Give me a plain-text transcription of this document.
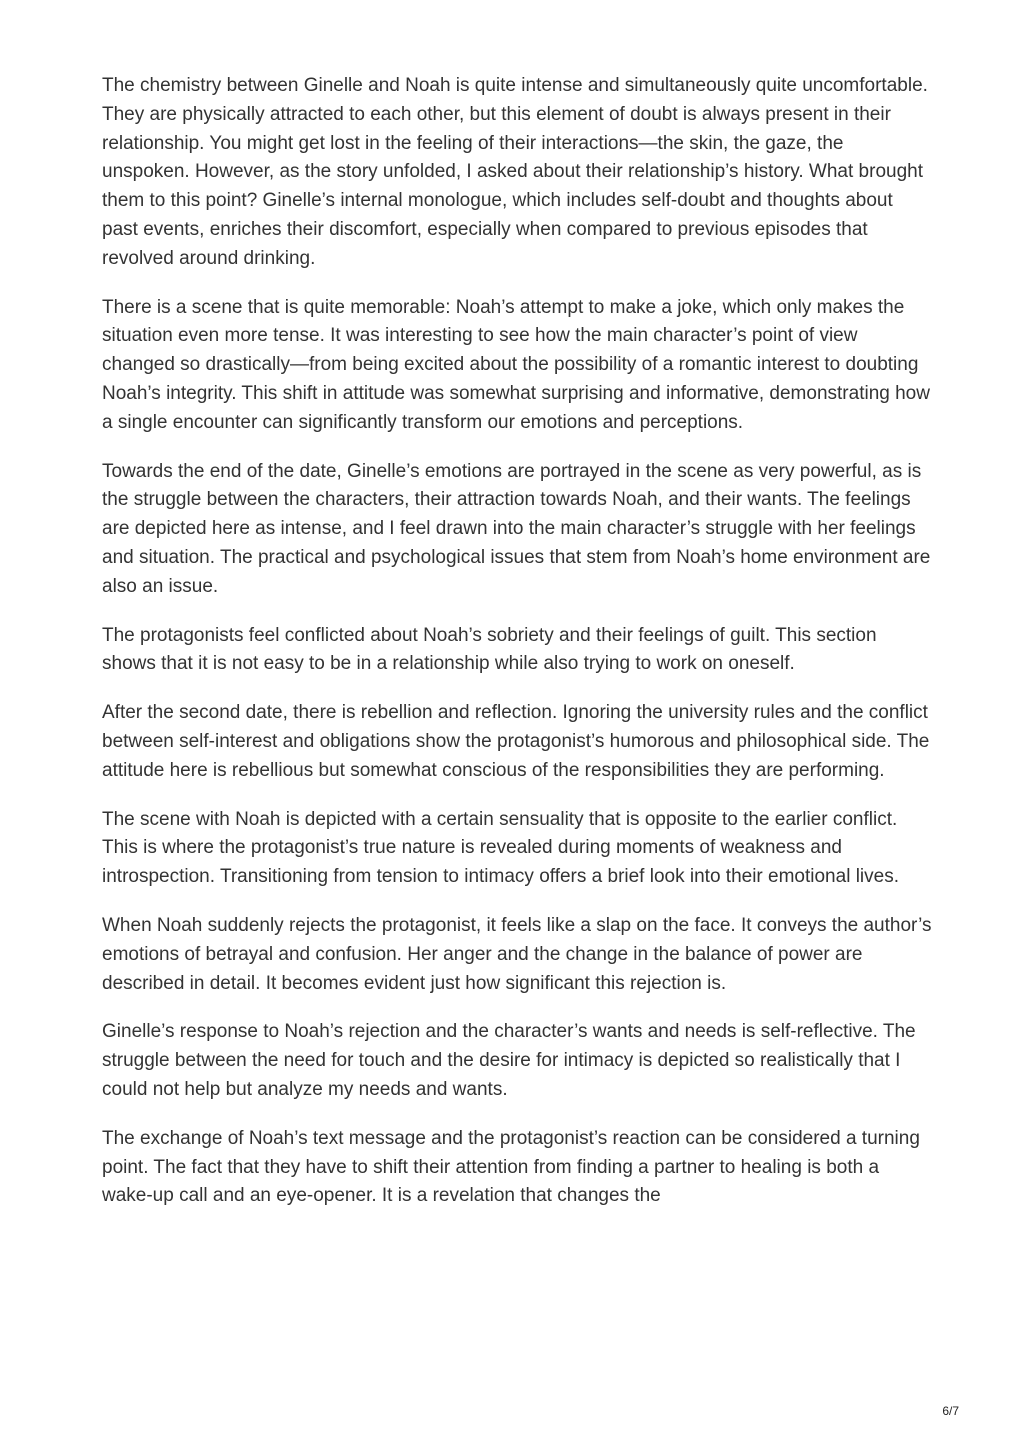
The chemistry between Ginelle and Noah is quite intense and simultaneously quite uncomfortable. They are physically attracted to each other, but this element of doubt is always present in their relationship. You might get lost in the feeling of their interactions—the skin, the gaze, the unspoken. However, as the story unfolded, I asked about their relationship’s history. What brought them to this point? Ginelle’s internal monologue, which includes self-doubt and thoughts about past events, enriches their discomfort, especially when compared to previous episodes that revolved around drinking.

There is a scene that is quite memorable: Noah’s attempt to make a joke, which only makes the situation even more tense. It was interesting to see how the main character’s point of view changed so drastically—from being excited about the possibility of a romantic interest to doubting Noah’s integrity. This shift in attitude was somewhat surprising and informative, demonstrating how a single encounter can significantly transform our emotions and perceptions.

Towards the end of the date, Ginelle’s emotions are portrayed in the scene as very powerful, as is the struggle between the characters, their attraction towards Noah, and their wants. The feelings are depicted here as intense, and I feel drawn into the main character’s struggle with her feelings and situation. The practical and psychological issues that stem from Noah’s home environment are also an issue.

The protagonists feel conflicted about Noah’s sobriety and their feelings of guilt. This section shows that it is not easy to be in a relationship while also trying to work on oneself.

After the second date, there is rebellion and reflection. Ignoring the university rules and the conflict between self-interest and obligations show the protagonist’s humorous and philosophical side. The attitude here is rebellious but somewhat conscious of the responsibilities they are performing.

The scene with Noah is depicted with a certain sensuality that is opposite to the earlier conflict. This is where the protagonist’s true nature is revealed during moments of weakness and introspection. Transitioning from tension to intimacy offers a brief look into their emotional lives.

When Noah suddenly rejects the protagonist, it feels like a slap on the face. It conveys the author’s emotions of betrayal and confusion. Her anger and the change in the balance of power are described in detail. It becomes evident just how significant this rejection is.

Ginelle’s response to Noah’s rejection and the character’s wants and needs is self-reflective. The struggle between the need for touch and the desire for intimacy is depicted so realistically that I could not help but analyze my needs and wants.

The exchange of Noah’s text message and the protagonist’s reaction can be considered a turning point. The fact that they have to shift their attention from finding a partner to healing is both a wake-up call and an eye-opener. It is a revelation that changes the

6/7
